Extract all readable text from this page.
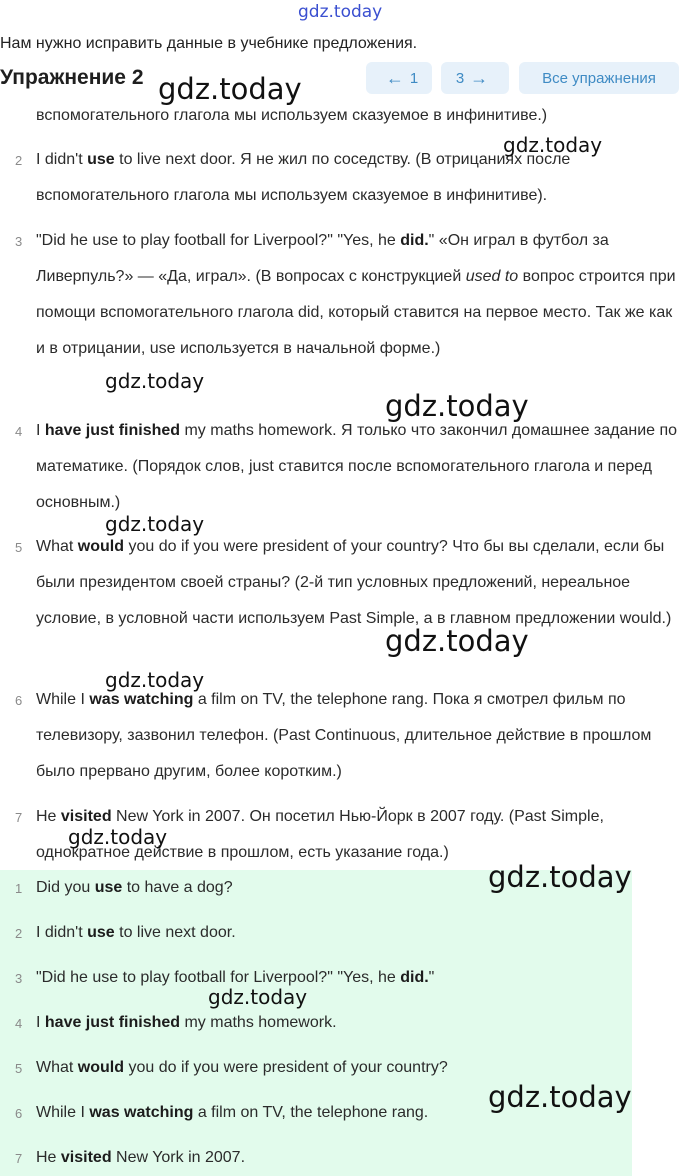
gdz.today
Нам нужно исправить данные в учебнике предложения.
вспомогательного глагола мы используем сказуемое в инфинитиве.)
2 I didn't use to live next door. Я не жил по соседству. (В отрицаниях после вспомогательного глагола мы используем сказуемое в инфинитиве).
3 "Did he use to play football for Liverpool?" "Yes, he did." «Он играл в футбол за Ливерпуль?» — «Да, играл». (В вопросах с конструкцией used to вопрос строится при помощи вспомогательного глагола did, который ставится на первое место. Так же как и в отрицании, use используется в начальной форме.)
4 I have just finished my maths homework. Я только что закончил домашнее задание по математике. (Порядок слов, just ставится после вспомогательного глагола и перед основным.)
5 What would you do if you were president of your country? Что бы вы сделали, если бы были президентом своей страны? (2-й тип условных предложений, нереальное условие, в условной части используем Past Simple, а в главном предложении would.)
6 While I was watching a film on TV, the telephone rang. Пока я смотрел фильм по телевизору, зазвонил телефон. (Past Continuous, длительное действие в прошлом было прервано другим, более коротким.)
7 He visited New York in 2007. Он посетил Нью-Йорк в 2007 году. (Past Simple, однократное действие в прошлом, есть указание года.)
Упражнение 2	← 1	3 →	Все упражнения
1 Did you use to have a dog?
2 I didn't use to live next door.
3 "Did he use to play football for Liverpool?" "Yes, he did."
4 I have just finished my maths homework.
5 What would you do if you were president of your country?
6 While I was watching a film on TV, the telephone rang.
7 He visited New York in 2007.
gdz.today
gdz.today
gdz.today
gdz.today
gdz.today
gdz.today
gdz.today
gdz.today
gdz.today
gdz.today
gdz.today
